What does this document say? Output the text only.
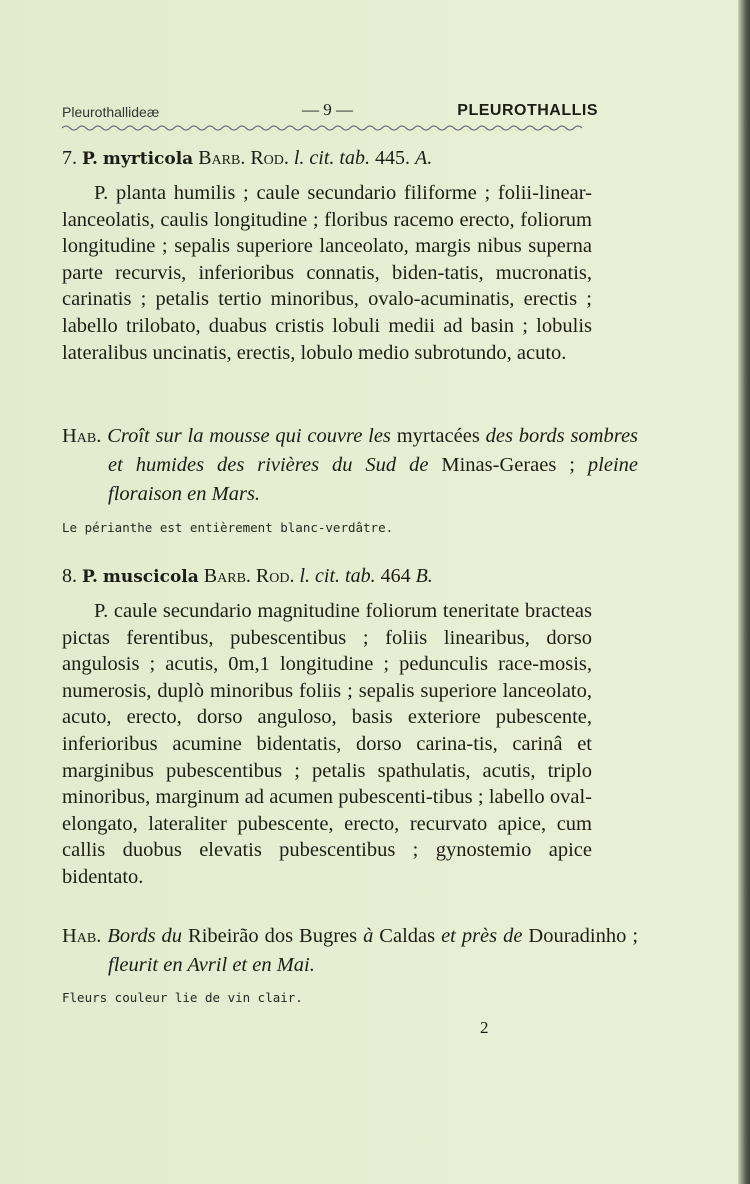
Pleurothallideæ	— 9 —	PLEUROTHALLIS
7. P. myrticola Barb. Rod. l. cit. tab. 445. A.

P. planta humilis ; caule secundario filiforme ; folii-linear-lanceolatis, caulis longitudine ; floribus racemo erecto, foliorum longitudine ; sepalis superiore lanceolato, margis nibus superna parte recurvis, inferioribus connatis, biden-tatis, mucronatis, carinatis ; petalis tertio minoribus, ovalo-acuminatis, erectis ; labello trilobato, duabus cristis lobuli medii ad basin ; lobulis lateralibus uncinatis, erectis, lobulo medio subrotundo, acuto.

Hab. Croît sur la mousse qui couvre les myrtacées des bords sombres et humides des rivières du Sud de Minas-Geraes ; pleine floraison en Mars.

Le périanthe est entièrement blanc-verdâtre.
8. P. muscicola Barb. Rod. l. cit. tab. 464 B.

P. caule secundario magnitudine foliorum teneritate bracteas pictas ferentibus, pubescentibus ; foliis linearibus, dorso angulosis ; acutis, 0m,1 longitudine ; pedunculis race-mosis, numerosis, duplò minoribus foliis ; sepalis superiore lanceolato, acuto, erecto, dorso anguloso, basis exteriore pubescente, inferioribus acumine bidentatis, dorso carina-tis, carinâ et marginibus pubescentibus ; petalis spathulatis, acutis, triplo minoribus, marginum ad acumen pubescenti-tibus ; labello oval-elongato, lateraliter pubescente, erecto, recurvato apice, cum callis duobus elevatis pubescentibus ; gynostemio apice bidentato.

Hab. Bords du Ribeirão dos Bugres à Caldas et près de Douradinho ; fleurit en Avril et en Mai.

Fleurs couleur lie de vin clair.
2
